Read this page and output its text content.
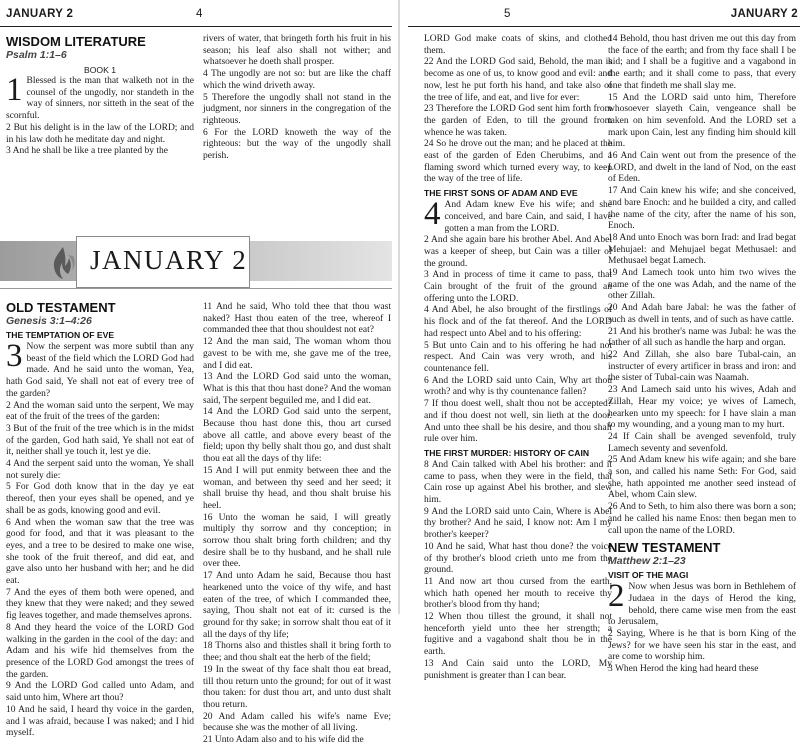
JANUARY 2	4
WISDOM LITERATURE
Psalm 1:1–6
BOOK 1

1 Blessed is the man that walketh not in the counsel of the ungodly, nor standeth in the way of sinners, nor sitteth in the seat of the scornful.

2 But his delight is in the law of the LORD; and in his law doth he meditate day and night.

3 And he shall be like a tree planted by the

rivers of water, that bringeth forth his fruit in his season; his leaf also shall not wither; and whatsoever he doeth shall prosper.

4 The ungodly are not so: but are like the chaff which the wind driveth away.

5 Therefore the ungodly shall not stand in the judgment, nor sinners in the congregation of the righteous.

6 For the LORD knoweth the way of the righteous: but the way of the ungodly shall perish.

JANUARY 2
OLD TESTAMENT
Genesis 3:1–4:26
THE TEMPTATION OF EVE

3 Now the serpent was more subtil than any beast of the field which the LORD God had made. And he said unto the woman, Yea, hath God said, Ye shall not eat of every tree of the garden?

2 And the woman said unto the serpent, We may eat of the fruit of the trees of the garden:

3 But of the fruit of the tree which is in the midst of the garden, God hath said, Ye shall not eat of it, neither shall ye touch it, lest ye die.

4 And the serpent said unto the woman, Ye shall not surely die:

5 For God doth know that in the day ye eat thereof, then your eyes shall be opened, and ye shall be as gods, knowing good and evil.

6 And when the woman saw that the tree was good for food, and that it was pleasant to the eyes, and a tree to be desired to make one wise, she took of the fruit thereof, and did eat, and gave also unto her husband with her; and he did eat.

7 And the eyes of them both were opened, and they knew that they were naked; and they sewed fig leaves together, and made themselves aprons.

8 And they heard the voice of the LORD God walking in the garden in the cool of the day: and Adam and his wife hid themselves from the presence of the LORD God amongst the trees of the garden.

9 And the LORD God called unto Adam, and said unto him, Where art thou?

10 And he said, I heard thy voice in the garden, and I was afraid, because I was naked; and I hid myself.

11 And he said, Who told thee that thou wast naked? Hast thou eaten of the tree, whereof I commanded thee that thou shouldest not eat?

12 And the man said, The woman whom thou gavest to be with me, she gave me of the tree, and I did eat.

13 And the LORD God said unto the woman, What is this that thou hast done? And the woman said, The serpent beguiled me, and I did eat.

14 And the LORD God said unto the serpent, Because thou hast done this, thou art cursed above all cattle, and above every beast of the field; upon thy belly shalt thou go, and dust shalt thou eat all the days of thy life:

15 And I will put enmity between thee and the woman, and between thy seed and her seed; it shall bruise thy head, and thou shalt bruise his heel.

16 Unto the woman he said, I will greatly multiply thy sorrow and thy conception; in sorrow thou shalt bring forth children; and thy desire shall be to thy husband, and he shall rule over thee.

17 And unto Adam he said, Because thou hast hearkened unto the voice of thy wife, and hast eaten of the tree, of which I commanded thee, saying, Thou shalt not eat of it: cursed is the ground for thy sake; in sorrow shalt thou eat of it all the days of thy life;

18 Thorns also and thistles shall it bring forth to thee; and thou shalt eat the herb of the field;

19 In the sweat of thy face shalt thou eat bread, till thou return unto the ground; for out of it wast thou taken: for dust thou art, and unto dust shalt thou return.

20 And Adam called his wife's name Eve; because she was the mother of all living.

21 Unto Adam also and to his wife did the

5	JANUARY 2

LORD God make coats of skins, and clothed them.

22 And the LORD God said, Behold, the man is become as one of us, to know good and evil: and now, lest he put forth his hand, and take also of the tree of life, and eat, and live for ever:

23 Therefore the LORD God sent him forth from the garden of Eden, to till the ground from whence he was taken.

24 So he drove out the man; and he placed at the east of the garden of Eden Cherubims, and a flaming sword which turned every way, to keep the way of the tree of life.

THE FIRST SONS OF ADAM AND EVE

4 And Adam knew Eve his wife; and she conceived, and bare Cain, and said, I have gotten a man from the LORD.

2 And she again bare his brother Abel. And Abel was a keeper of sheep, but Cain was a tiller of the ground.

3 And in process of time it came to pass, that Cain brought of the fruit of the ground an offering unto the LORD.

4 And Abel, he also brought of the firstlings of his flock and of the fat thereof. And the LORD had respect unto Abel and to his offering:

5 But unto Cain and to his offering he had not respect. And Cain was very wroth, and his countenance fell.

6 And the LORD said unto Cain, Why art thou wroth? and why is thy countenance fallen?

7 If thou doest well, shalt thou not be accepted? and if thou doest not well, sin lieth at the door. And unto thee shall be his desire, and thou shalt rule over him.

THE FIRST MURDER: HISTORY OF CAIN

8 And Cain talked with Abel his brother: and it came to pass, when they were in the field, that Cain rose up against Abel his brother, and slew him.

9 And the LORD said unto Cain, Where is Abel thy brother? And he said, I know not: Am I my brother's keeper?

10 And he said, What hast thou done? the voice of thy brother's blood crieth unto me from the ground.

11 And now art thou cursed from the earth, which hath opened her mouth to receive thy brother's blood from thy hand;

12 When thou tillest the ground, it shall not henceforth yield unto thee her strength; a fugitive and a vagabond shalt thou be in the earth.

13 And Cain said unto the LORD, My punishment is greater than I can bear.

14 Behold, thou hast driven me out this day from the face of the earth; and from thy face shall I be hid; and I shall be a fugitive and a vagabond in the earth; and it shall come to pass, that every one that findeth me shall slay me.

15 And the LORD said unto him, Therefore whosoever slayeth Cain, vengeance shall be taken on him sevenfold. And the LORD set a mark upon Cain, lest any finding him should kill him.

16 And Cain went out from the presence of the LORD, and dwelt in the land of Nod, on the east of Eden.

17 And Cain knew his wife; and she conceived, and bare Enoch: and he builded a city, and called the name of the city, after the name of his son, Enoch.

18 And unto Enoch was born Irad: and Irad begat Mehujael: and Mehujael begat Methusael: and Methusael begat Lamech.

19 And Lamech took unto him two wives the name of the one was Adah, and the name of the other Zillah.

20 And Adah bare Jabal: he was the father of such as dwell in tents, and of such as have cattle.

21 And his brother's name was Jubal: he was the father of all such as handle the harp and organ.

22 And Zillah, she also bare Tubal-cain, an instructer of every artificer in brass and iron: and the sister of Tubal-cain was Naamah.

23 And Lamech said unto his wives, Adah and Zillah, Hear my voice; ye wives of Lamech, hearken unto my speech: for I have slain a man to my wounding, and a young man to my hurt.

24 If Cain shall be avenged sevenfold, truly Lamech seventy and sevenfold.

25 And Adam knew his wife again; and she bare a son, and called his name Seth: For God, said she, hath appointed me another seed instead of Abel, whom Cain slew.

26 And to Seth, to him also there was born a son; and he called his name Enos: then began men to call upon the name of the LORD.

NEW TESTAMENT
Matthew 2:1–23
VISIT OF THE MAGI

2 Now when Jesus was born in Bethlehem of Judaea in the days of Herod the king, behold, there came wise men from the east to Jerusalem,

2 Saying, Where is he that is born King of the Jews? for we have seen his star in the east, and are come to worship him.

3 When Herod the king had heard these
